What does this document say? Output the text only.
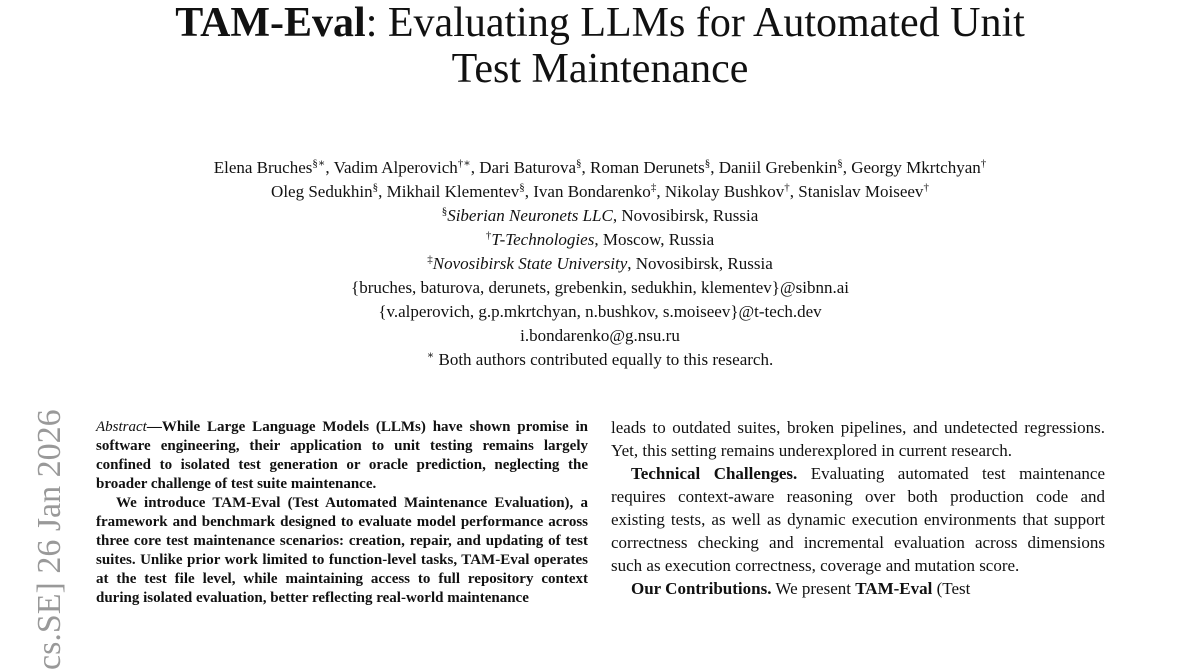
TAM-Eval: Evaluating LLMs for Automated Unit
Test Maintenance
Elena Bruches§∗, Vadim Alperovich†∗, Dari Baturova§, Roman Derunets§, Daniil Grebenkin§, Georgy Mkrtchyan†
Oleg Sedukhin§, Mikhail Klementev§, Ivan Bondarenko‡, Nikolay Bushkov†, Stanislav Moiseev†
§Siberian Neuronets LLC, Novosibirsk, Russia
†T-Technologies, Moscow, Russia
‡Novosibirsk State University, Novosibirsk, Russia
{bruches, baturova, derunets, grebenkin, sedukhin, klementev}@sibnn.ai
{v.alperovich, g.p.mkrtchyan, n.bushkov, s.moiseev}@t-tech.dev
i.bondarenko@g.nsu.ru
∗ Both authors contributed equally to this research.
cs.SE] 26 Jan 2026 Abstract—While Large Language Models (LLMs) have shown promise in software engineering, their application to unit testing remains largely confined to isolated test generation or oracle prediction, neglecting the broader challenge of test suite maintenance.

We introduce TAM-Eval (Test Automated Maintenance Evaluation), a framework and benchmark designed to evaluate model performance across three core test maintenance scenarios: creation, repair, and updating of test suites. Unlike prior work limited to function-level tasks, TAM-Eval operates at the test file level, while maintaining access to full repository context during isolated evaluation, better reflecting real-world maintenance

leads to outdated suites, broken pipelines, and undetected regressions. Yet, this setting remains underexplored in current research.

Technical Challenges. Evaluating automated test maintenance requires context-aware reasoning over both production code and existing tests, as well as dynamic execution environments that support correctness checking and incremental evaluation across dimensions such as execution correctness, coverage and mutation score.

Our Contributions. We present TAM-Eval (Test
